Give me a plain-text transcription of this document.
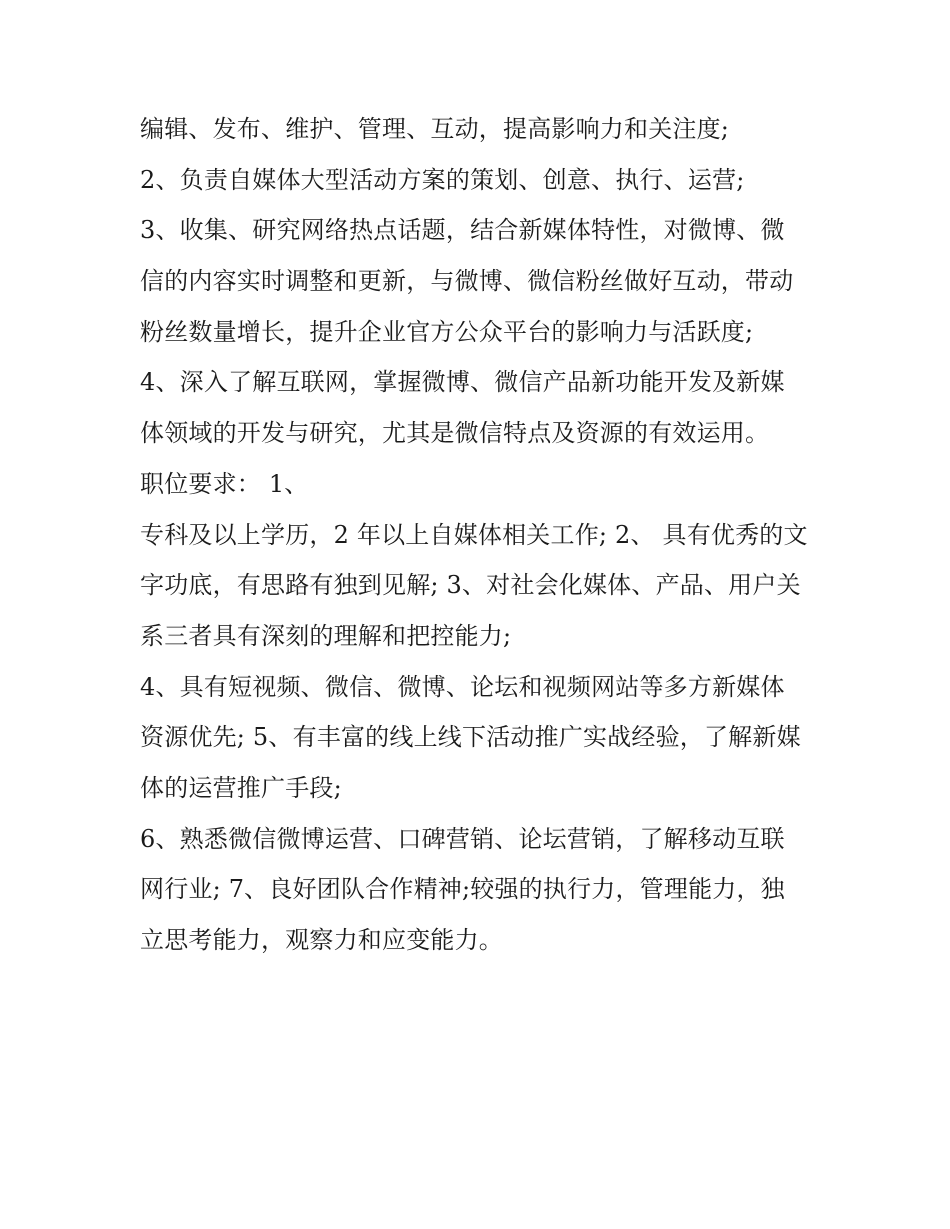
编辑、发布、维护、管理、互动，提高影响力和关注度;
2、负责自媒体大型活动方案的策划、创意、执行、运营;
3、收集、研究网络热点话题，结合新媒体特性，对微博、微
信的内容实时调整和更新，与微博、微信粉丝做好互动，带动
粉丝数量增长，提升企业官方公众平台的影响力与活跃度;
4、深入了解互联网，掌握微博、微信产品新功能开发及新媒
体领域的开发与研究，尤其是微信特点及资源的有效运用。
职位要求： 1、
专科及以上学历，2 年以上自媒体相关工作; 2、 具有优秀的文
字功底，有思路有独到见解; 3、对社会化媒体、产品、用户关
系三者具有深刻的理解和把控能力;
4、具有短视频、微信、微博、论坛和视频网站等多方新媒体
资源优先; 5、有丰富的线上线下活动推广实战经验，了解新媒
体的运营推广手段;
6、熟悉微信微博运营、口碑营销、论坛营销，了解移动互联
网行业; 7、良好团队合作精神;较强的执行力，管理能力，独
立思考能力，观察力和应变能力。
